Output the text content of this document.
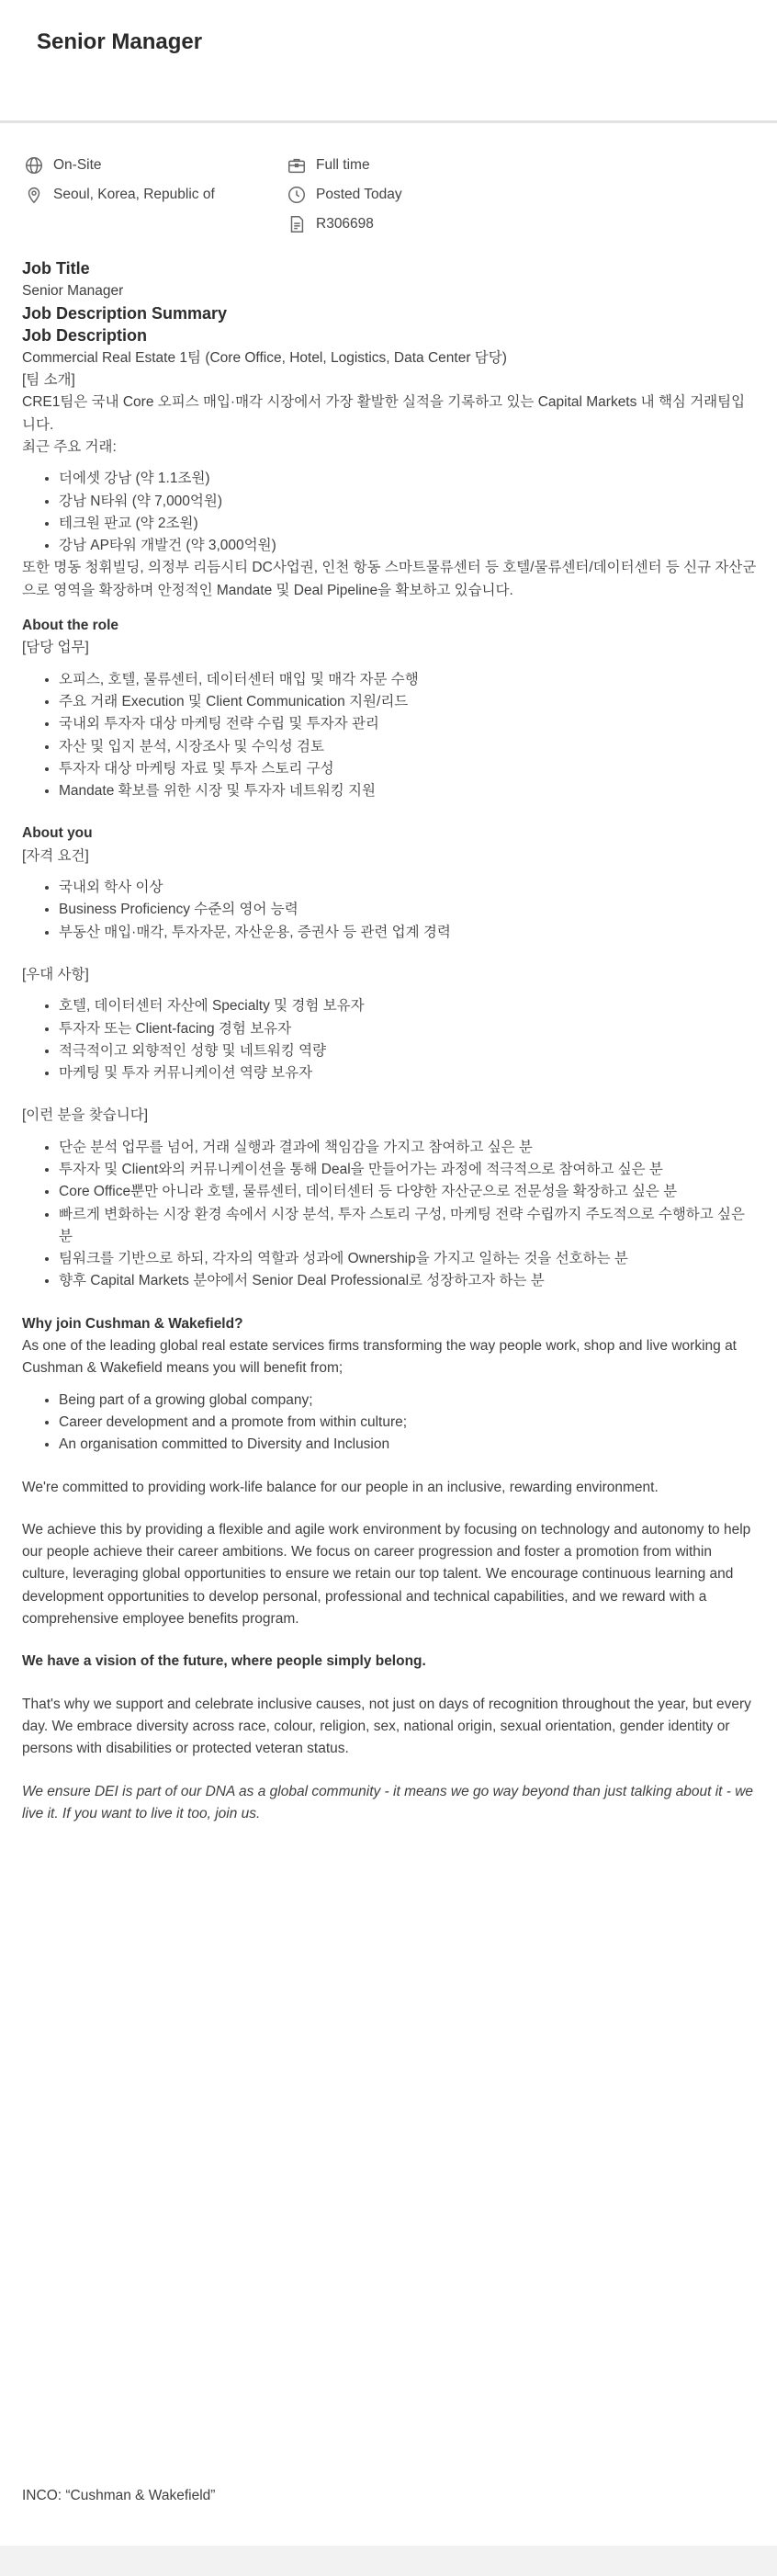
Senior Manager
On-Site
Seoul, Korea, Republic of
Full time
Posted Today
R306698
Job Title
Senior Manager
Job Description Summary
Job Description
Commercial Real Estate 1팀 (Core Office, Hotel, Logistics, Data Center 담당)
[팀 소개]
CRE1팀은 국내 Core 오피스 매입·매각 시장에서 가장 활발한 실적을 기록하고 있는 Capital Markets 내 핵심 거래팀입니다.
최근 주요 거래:
• 더에셋 강남 (약 1.1조원)
• 강남 N타워 (약 7,000억원)
• 테크원 판교 (약 2조원)
• 강남 AP타워 개발건 (약 3,000억원)
또한 명동 청휘빌딩, 의정부 리듬시티 DC사업권, 인천 항동 스마트물류센터 등 호텔/물류센터/데이터센터 등 신규 자산군으로 영역을 확장하며 안정적인 Mandate 및 Deal Pipeline을 확보하고 있습니다.
About the role
[담당 업무]
• 오피스, 호텔, 물류센터, 데이터센터 매입 및 매각 자문 수행
• 주요 거래 Execution 및 Client Communication 지원/리드
• 국내외 투자자 대상 마케팅 전략 수립 및 투자자 관리
• 자산 및 입지 분석, 시장조사 및 수익성 검토
• 투자자 대상 마케팅 자료 및 투자 스토리 구성
• Mandate 확보를 위한 시장 및 투자자 네트워킹 지원
About you
[자격 요건]
• 국내외 학사 이상
• Business Proficiency 수준의 영어 능력
• 부동산 매입·매각, 투자자문, 자산운용, 증권사 등 관련 업계 경력
[우대 사항]
• 호텔, 데이터센터 자산에 Specialty 및 경험 보유자
• 투자자 또는 Client-facing 경험 보유자
• 적극적이고 외향적인 성향 및 네트워킹 역량
• 마케팅 및 투자 커뮤니케이션 역량 보유자
[이런 분을 찾습니다]
• 단순 분석 업무를 넘어, 거래 실행과 결과에 책임감을 가지고 참여하고 싶은 분
• 투자자 및 Client와의 커뮤니케이션을 통해 Deal을 만들어가는 과정에 적극적으로 참여하고 싶은 분
• Core Office뿐만 아니라 호텔, 물류센터, 데이터센터 등 다양한 자산군으로 전문성을 확장하고 싶은 분
• 빠르게 변화하는 시장 환경 속에서 시장 분석, 투자 스토리 구성, 마케팅 전략 수립까지 주도적으로 수행하고 싶은 분
• 팀워크를 기반으로 하되, 각자의 역할과 성과에 Ownership을 가지고 일하는 것을 선호하는 분
• 향후 Capital Markets 분야에서 Senior Deal Professional로 성장하고자 하는 분
Why join Cushman & Wakefield?
As one of the leading global real estate services firms transforming the way people work, shop and live working at Cushman & Wakefield means you will benefit from;
• Being part of a growing global company;
• Career development and a promote from within culture;
• An organisation committed to Diversity and Inclusion

We're committed to providing work-life balance for our people in an inclusive, rewarding environment.

We achieve this by providing a flexible and agile work environment by focusing on technology and autonomy to help our people achieve their career ambitions. We focus on career progression and foster a promotion from within culture, leveraging global opportunities to ensure we retain our top talent. We encourage continuous learning and development opportunities to develop personal, professional and technical capabilities, and we reward with a comprehensive employee benefits program.

We have a vision of the future, where people simply belong.

That's why we support and celebrate inclusive causes, not just on days of recognition throughout the year, but every day. We embrace diversity across race, colour, religion, sex, national origin, sexual orientation, gender identity or persons with disabilities or protected veteran status.

We ensure DEI is part of our DNA as a global community - it means we go way beyond than just talking about it - we live it. If you want to live it too, join us.

INCO: “Cushman & Wakefield”
